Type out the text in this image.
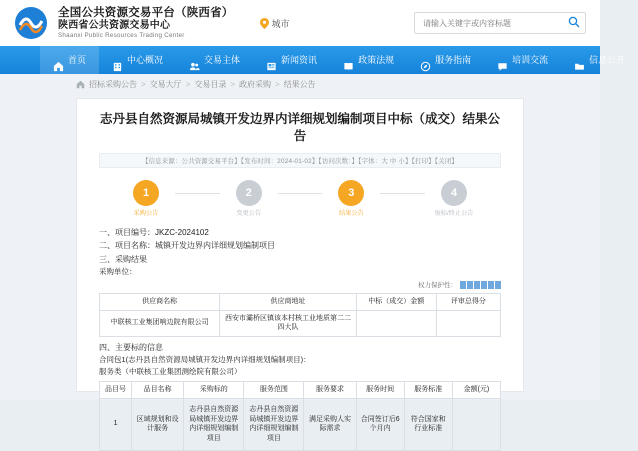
全国公共资源交易平台（陕西省）
陕西省公共资源交易中心
Shaanxi Public Resources Trading Center
城市
请输入关键字或内容标题
首页	中心概况	交易主体	新闻资讯	政策法规	服务指南	培训交流	信息公开
招标采购公告 > 交易大厅 > 交易目录 > 政府采购 > 结果公告
志丹县自然资源局城镇开发边界内详细规划编制项目中标（成交）结果公告
【信息来源：公共资源交易平台】【发布时间：2024-01-02】【访问次数：】【字体：大 中 小】【打印】【关闭】
1
采购公告
2
变更公告
3
结果公告
4
废标/终止公告
一、项目编号：JKZC-2024102
二、项目名称：城镇开发边界内详细规划编制项目
三、采购结果
采购单位：
权力保护性：
供应商名称	供应商地址	中标（成交）金额	评审总得分
中联核工业集团响边院有限公司	西安市灞桥区镇该本村核工业地质第二二四大队		
四、主要标的信息
合同包1(志丹县自然资源局城镇开发边界内详细规划编制项目)：
服务类（中联核工业集团测绘院有限公司）
品目号	品目名称	采购标的	服务范围	服务要求	服务时间	服务标准	金额(元)
1	区域规划和设计服务	志丹县自然资源局城镇开发边界内详细规划编制项目	志丹县自然资源局城镇开发边界内详细规划编制项目	满足采购人实际需求	合同签订后6个月内	符合国家和行业标准	
